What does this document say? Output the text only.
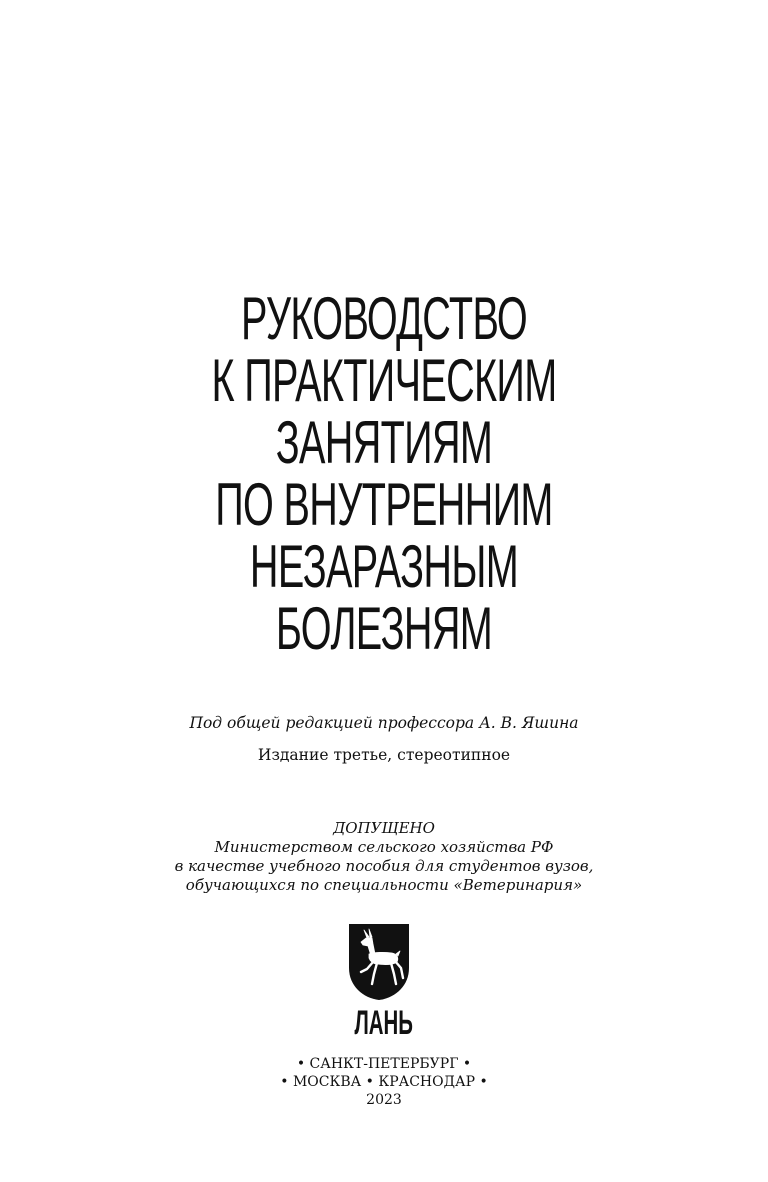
РУКОВОДСТВО
К ПРАКТИЧЕСКИМ
ЗАНЯТИЯМ
ПО ВНУТРЕННИМ
НЕЗАРАЗНЫМ
БОЛЕЗНЯМ
Под общей редакцией профессора А. В. Яшина
Издание третье, стереотипное
ДОПУЩЕНО
Министерством сельского хозяйства РФ
в качестве учебного пособия для студентов вузов,
обучающихся по специальности «Ветеринария»
ЛАНЬ
• САНКТ-ПЕТЕРБУРГ •
• МОСКВА • КРАСНОДАР •
2023
